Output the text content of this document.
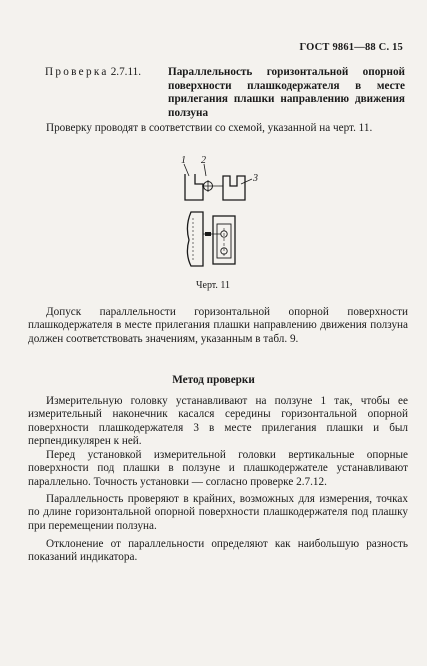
ГОСТ 9861—88 С. 15
Проверка 2.7.11. Параллельность горизонтальной опорной поверхности плашкодержателя в месте прилегания плашки направлению движения ползуна
Проверку проводят в соответствии со схемой, указанной на черт. 11.
1 2
3
Черт. 11
Допуск параллельности горизонтальной опорной поверхности плашкодержателя в месте прилегания плашки направлению движения ползуна должен соответствовать значениям, указанным в табл. 9.
Метод проверки
Измерительную головку устанавливают на ползуне 1 так, чтобы ее измерительный наконечник касался середины горизонтальной опорной поверхности плашкодержателя 3 в месте прилегания плашки и был перпендикулярен к ней.
Перед установкой измерительной головки вертикальные опорные поверхности под плашки в ползуне и плашкодержателе устанавливают параллельно. Точность установки — согласно проверке 2.7.12.
Параллельность проверяют в крайних, возможных для измерения, точках по длине горизонтальной опорной поверхности плашкодержателя под плашку при перемещении ползуна.
Отклонение от параллельности определяют как наибольшую разность показаний индикатора.
